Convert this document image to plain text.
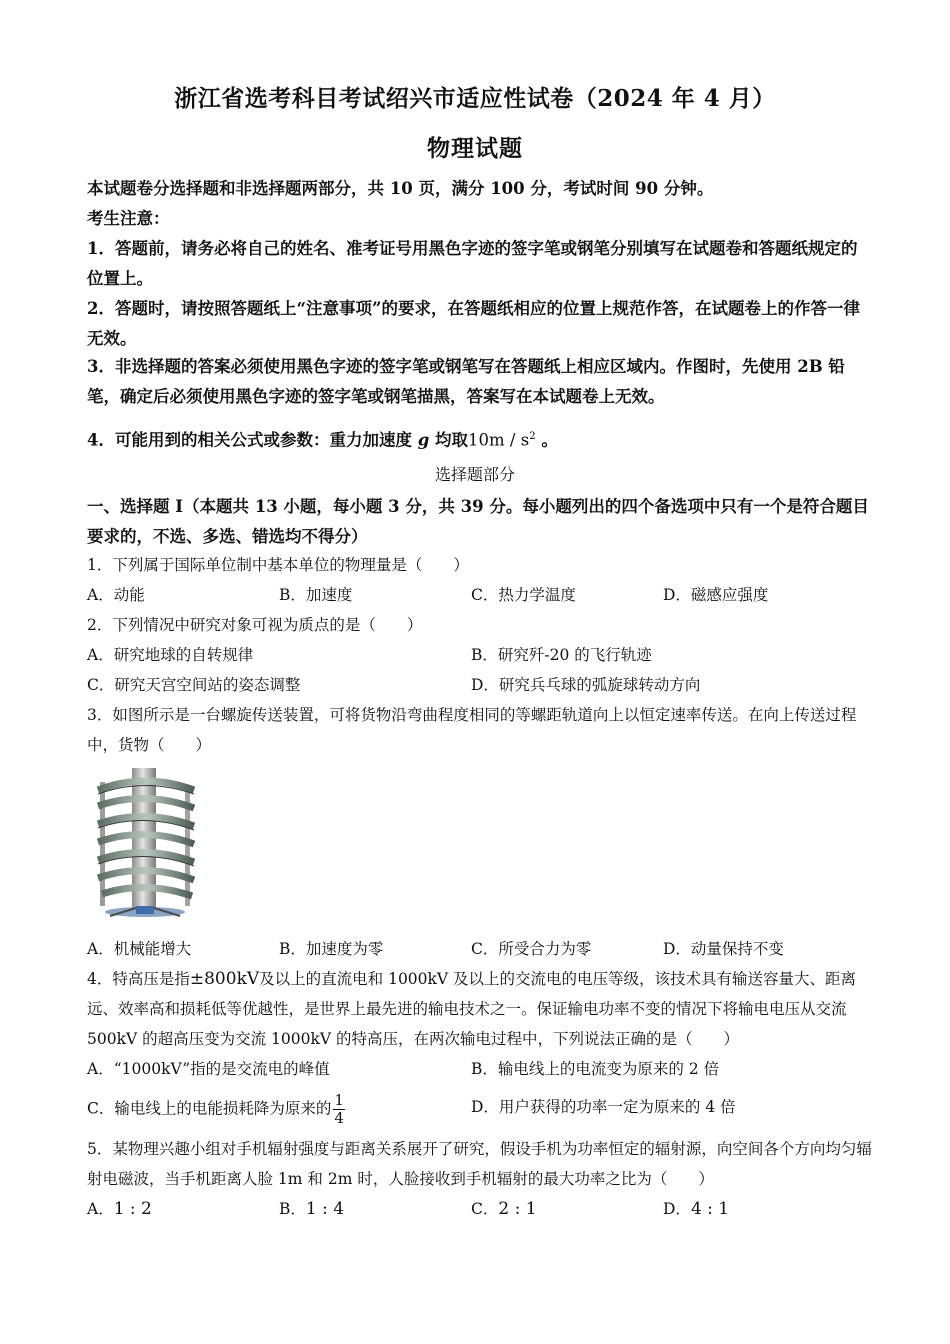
浙江省选考科目考试绍兴市适应性试卷（2024 年 4 月）
物理试题
本试题卷分选择题和非选择题两部分，共 10 页，满分 100 分，考试时间 90 分钟。
考生注意：
1．答题前，请务必将自己的姓名、准考证号用黑色字迹的签字笔或钢笔分别填写在试题卷和答题纸规定的位置上。
2．答题时，请按照答题纸上“注意事项”的要求，在答题纸相应的位置上规范作答，在试题卷上的作答一律无效。
3．非选择题的答案必须使用黑色字迹的签字笔或钢笔写在答题纸上相应区域内。作图时，先使用 2B 铅笔，确定后必须使用黑色字迹的签字笔或钢笔描黑，答案写在本试题卷上无效。
4．可能用到的相关公式或参数：重力加速度 g 均取$10m / s^2$ 。
选择题部分
一、选择题 I（本题共 13 小题，每小题 3 分，共 39 分。每小题列出的四个备选项中只有一个是符合题目要求的，不选、多选、错选均不得分）
1．下列属于国际单位制中基本单位的物理量是（　　）
A．动能	B．加速度	C．热力学温度	D．磁感应强度
2．下列情况中研究对象可视为质点的是（　　）
A．研究地球的自转规律	B．研究歼-20 的飞行轨迹
C．研究天宫空间站的姿态调整	D．研究兵乓球的弧旋球转动方向
3．如图所示是一台螺旋传送装置，可将货物沿弯曲程度相同的等螺距轨道向上以恒定速率传送。在向上传送过程中，货物（　　）
A．机械能增大	B．加速度为零	C．所受合力为零	D．动量保持不变
4．特高压是指±800kV及以上的直流电和 1000kV 及以上的交流电的电压等级，该技术具有输送容量大、距离远、效率高和损耗低等优越性，是世界上最先进的输电技术之一。保证输电功率不变的情况下将输电电压从交流 500kV 的超高压变为交流 1000kV 的特高压，在两次输电过程中，下列说法正确的是（　　）
A．“1000kV”指的是交流电的峰值	B．输电线上的电流变为原来的 2 倍
C．输电线上的电能损耗降为原来的 $\frac{1}{4}$	D．用户获得的功率一定为原来的 4 倍
5．某物理兴趣小组对手机辐射强度与距离关系展开了研究，假设手机为功率恒定的辐射源，向空间各个方向均匀辐射电磁波，当手机距离人脸 1m 和 2m 时，人脸接收到手机辐射的最大功率之比为（　　）
A．1 : 2	B．1 : 4	C．2 : 1	D．4 : 1
